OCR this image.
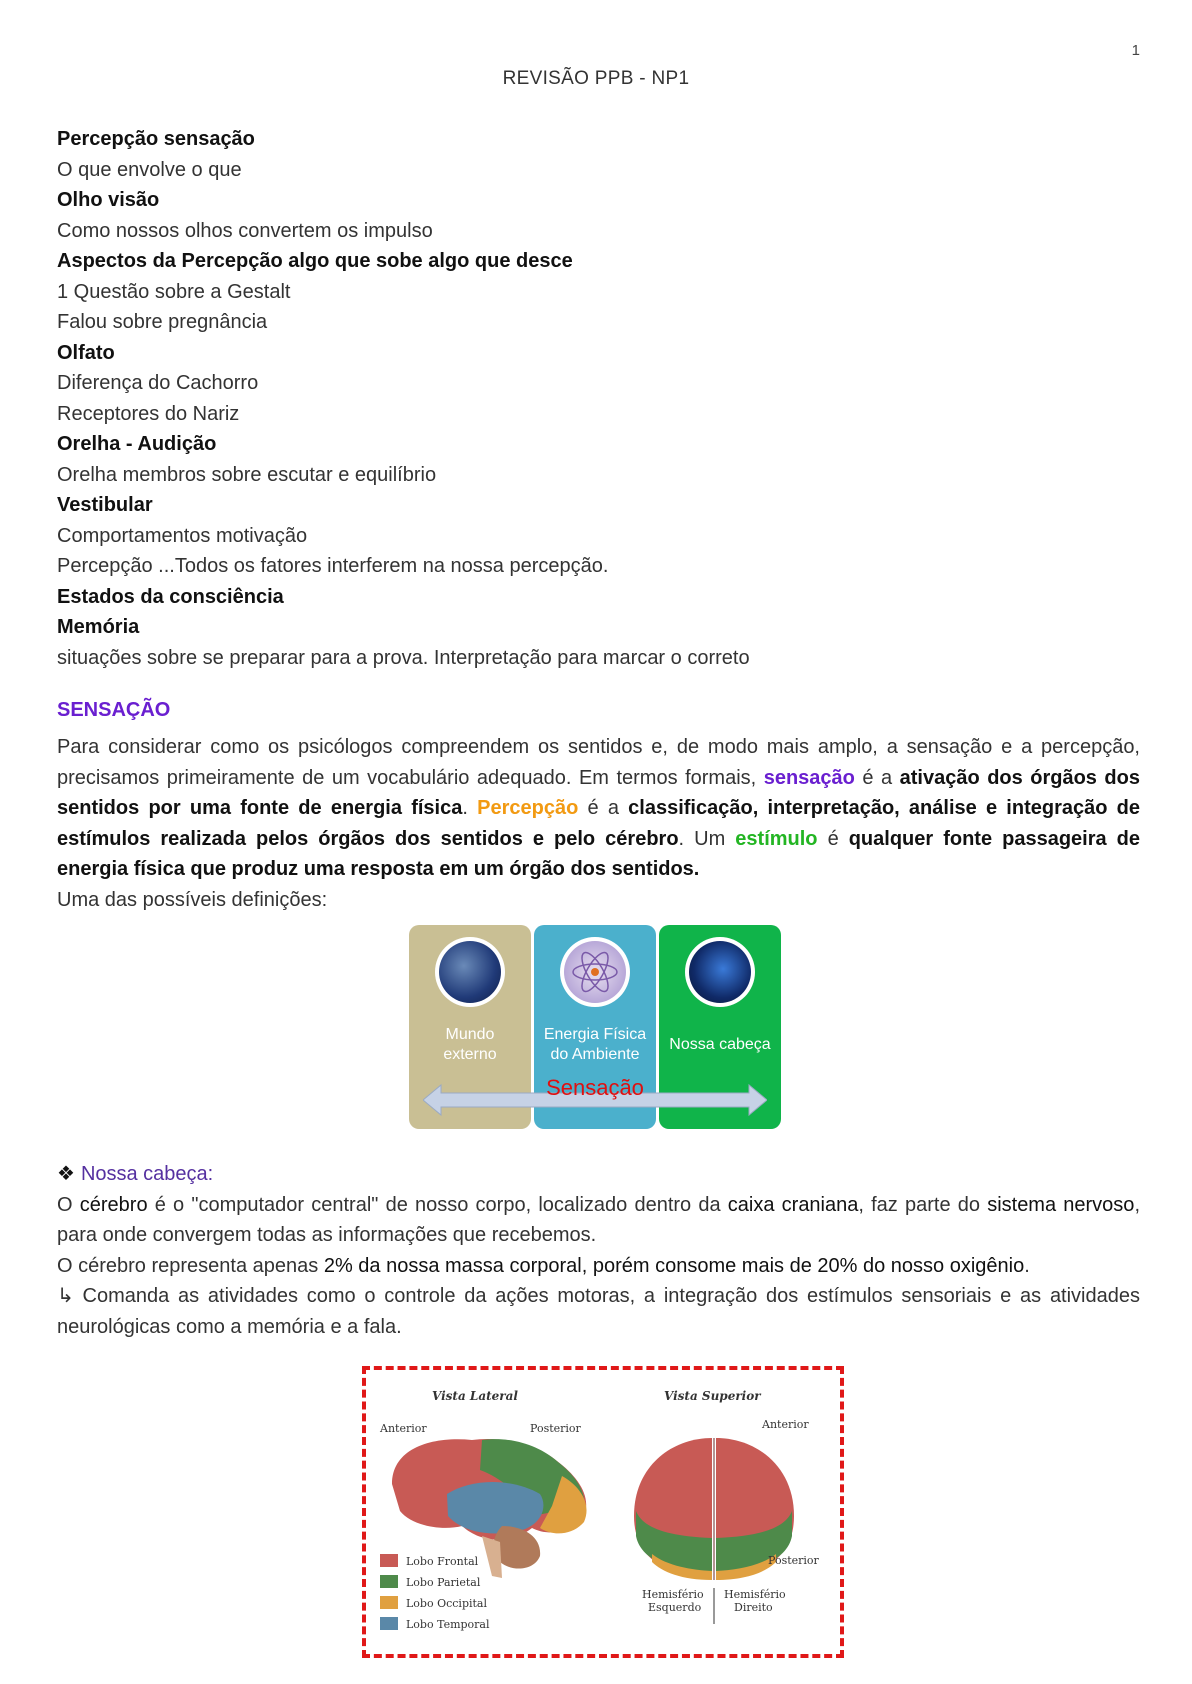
1
REVISÃO PPB - NP1

Percepção sensação

O que envolve o que

Olho visão

Como nossos olhos convertem os impulso

Aspectos da Percepção algo que sobe algo que desce

1 Questão sobre a Gestalt

Falou sobre pregnância

Olfato

Diferença do Cachorro

Receptores do Nariz

Orelha - Audição

Orelha membros sobre escutar e equilíbrio

Vestibular

Comportamentos motivação

Percepção ...Todos os fatores interferem na nossa percepção.

Estados da consciência

Memória

situações sobre se preparar para a prova. Interpretação para marcar o correto

SENSAÇÃO

Para considerar como os psicólogos compreendem os sentidos e, de modo mais amplo, a sensação e a percepção, precisamos primeiramente de um vocabulário adequado. Em termos formais, sensação é a ativação dos órgãos dos sentidos por uma fonte de energia física. Percepção é a classificação, interpretação, análise e integração de estímulos realizada pelos órgãos dos sentidos e pelo cérebro. Um estímulo é qualquer fonte passageira de energia física que produz uma resposta em um órgão dos sentidos.

Uma das possíveis definições:

Mundo externo
Energia Física do Ambiente
Nossa cabeça
Sensação

❖ Nossa cabeça:

O cérebro é o "computador central" de nosso corpo, localizado dentro da caixa craniana, faz parte do sistema nervoso, para onde convergem todas as informações que recebemos.

O cérebro representa apenas 2% da nossa massa corporal, porém consome mais de 20% do nosso oxigênio.

↳ Comanda as atividades como o controle da ações motoras, a integração dos estímulos sensoriais e as atividades neurológicas como a memória e a fala.

Vista Lateral
Anterior	Posterior
Lobo Frontal
Lobo Parietal
Lobo Occipital
Lobo Temporal
Vista Superior
Anterior
Posterior
Hemisfério
Esquerdo
Hemisfério
Direito
